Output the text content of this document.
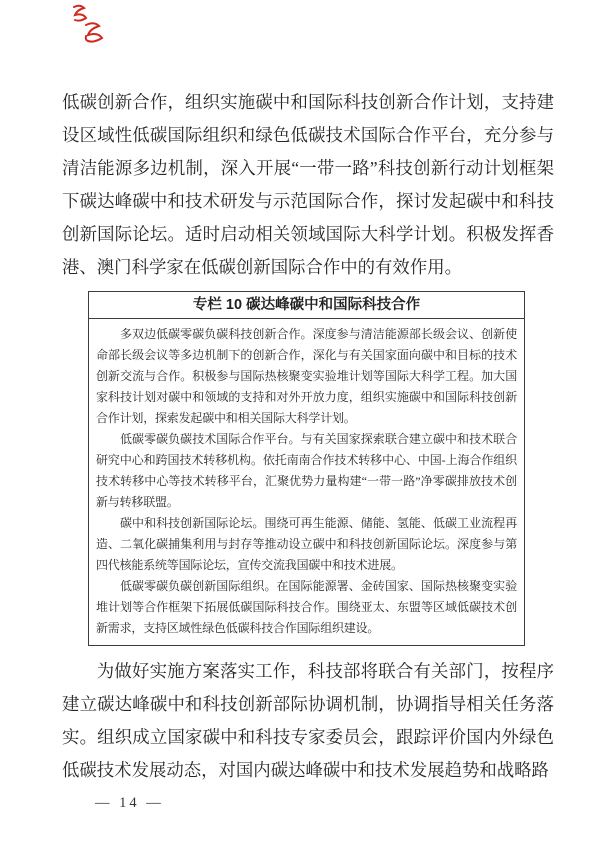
低碳创新合作，组织实施碳中和国际科技创新合作计划，支持建设区域性低碳国际组织和绿色低碳技术国际合作平台，充分参与清洁能源多边机制，深入开展“一带一路”科技创新行动计划框架下碳达峰碳中和技术研发与示范国际合作，探讨发起碳中和科技创新国际论坛。适时启动相关领域国际大科学计划。积极发挥香港、澳门科学家在低碳创新国际合作中的有效作用。

专栏 10 碳达峰碳中和国际科技合作

多双边低碳零碳负碳科技创新合作。深度参与清洁能源部长级会议、创新使命部长级会议等多边机制下的创新合作，深化与有关国家面向碳中和目标的技术创新交流与合作。积极参与国际热核聚变实验堆计划等国际大科学工程。加大国家科技计划对碳中和领域的支持和对外开放力度，组织实施碳中和国际科技创新合作计划，探索发起碳中和相关国际大科学计划。

低碳零碳负碳技术国际合作平台。与有关国家探索联合建立碳中和技术联合研究中心和跨国技术转移机构。依托南南合作技术转移中心、中国-上海合作组织技术转移中心等技术转移平台，汇聚优势力量构建“一带一路”净零碳排放技术创新与转移联盟。

碳中和科技创新国际论坛。围绕可再生能源、储能、氢能、低碳工业流程再造、二氧化碳捕集利用与封存等推动设立碳中和科技创新国际论坛。深度参与第四代核能系统等国际论坛，宣传交流我国碳中和技术进展。

低碳零碳负碳创新国际组织。在国际能源署、金砖国家、国际热核聚变实验堆计划等合作框架下拓展低碳国际科技合作。围绕亚太、东盟等区域低碳技术创新需求，支持区域性绿色低碳科技合作国际组织建设。

为做好实施方案落实工作，科技部将联合有关部门，按程序建立碳达峰碳中和科技创新部际协调机制，协调指导相关任务落实。组织成立国家碳中和科技专家委员会，跟踪评价国内外绿色低碳技术发展动态，对国内碳达峰碳中和技术发展趋势和战略路

— 14 —
